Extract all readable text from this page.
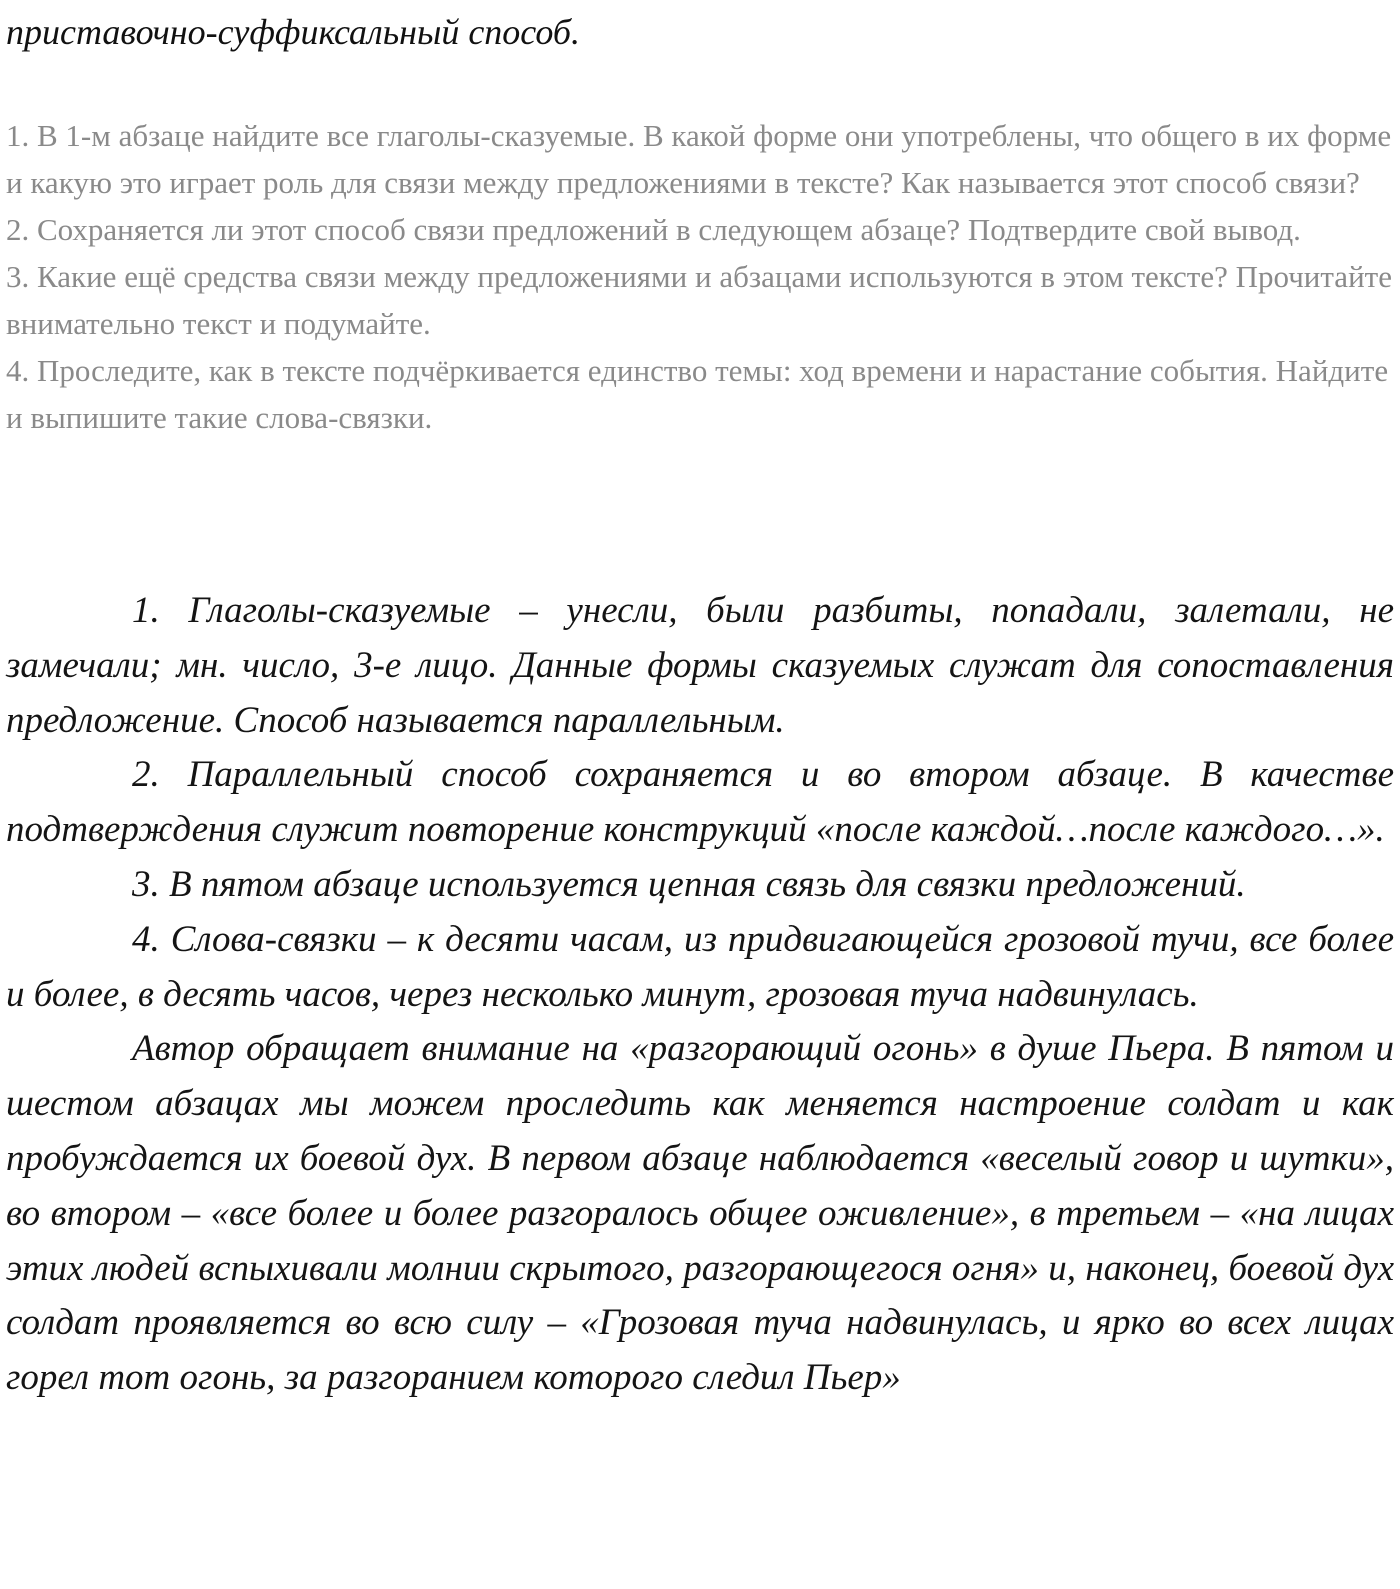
приставочно-суффиксальный способ.

1. В 1-м абзаце найдите все глаголы-сказуемые. В какой форме они употреблены, что общего в их форме и какую это играет роль для связи между предложениями в тексте? Как называется этот способ связи?

2. Сохраняется ли этот способ связи предложений в следующем абзаце? Подтвердите свой вывод.

3. Какие ещё средства связи между предложениями и абзацами используются в этом тексте? Прочитайте внимательно текст и подумайте.

4. Проследите, как в тексте подчёркивается единство темы: ход времени и нарастание события. Найдите и выпишите такие слова-связки.

1. Глаголы-сказуемые – унесли, были разбиты, попадали, залетали, не замечали; мн. число, 3-е лицо. Данные формы сказуемых служат для сопоставления предложение. Способ называется параллельным.

2. Параллельный способ сохраняется и во втором абзаце. В качестве подтверждения служит повторение конструкций «после каждой…после каждого…».

3. В пятом абзаце используется цепная связь для связки предложений.

4. Слова-связки – к десяти часам, из придвигающейся грозовой тучи, все более и более, в десять часов, через несколько минут, грозовая туча надвинулась.

Автор обращает внимание на «разгорающий огонь» в душе Пьера. В пятом и шестом абзацах мы можем проследить как меняется настроение солдат и как пробуждается их боевой дух. В первом абзаце наблюдается «веселый говор и шутки», во втором – «все более и более разгоралось общее оживление», в третьем – «на лицах этих людей вспыхивали молнии скрытого, разгорающегося огня» и, наконец, боевой дух солдат проявляется во всю силу – «Грозовая туча надвинулась, и ярко во всех лицах горел тот огонь, за разгоранием которого следил Пьер»
